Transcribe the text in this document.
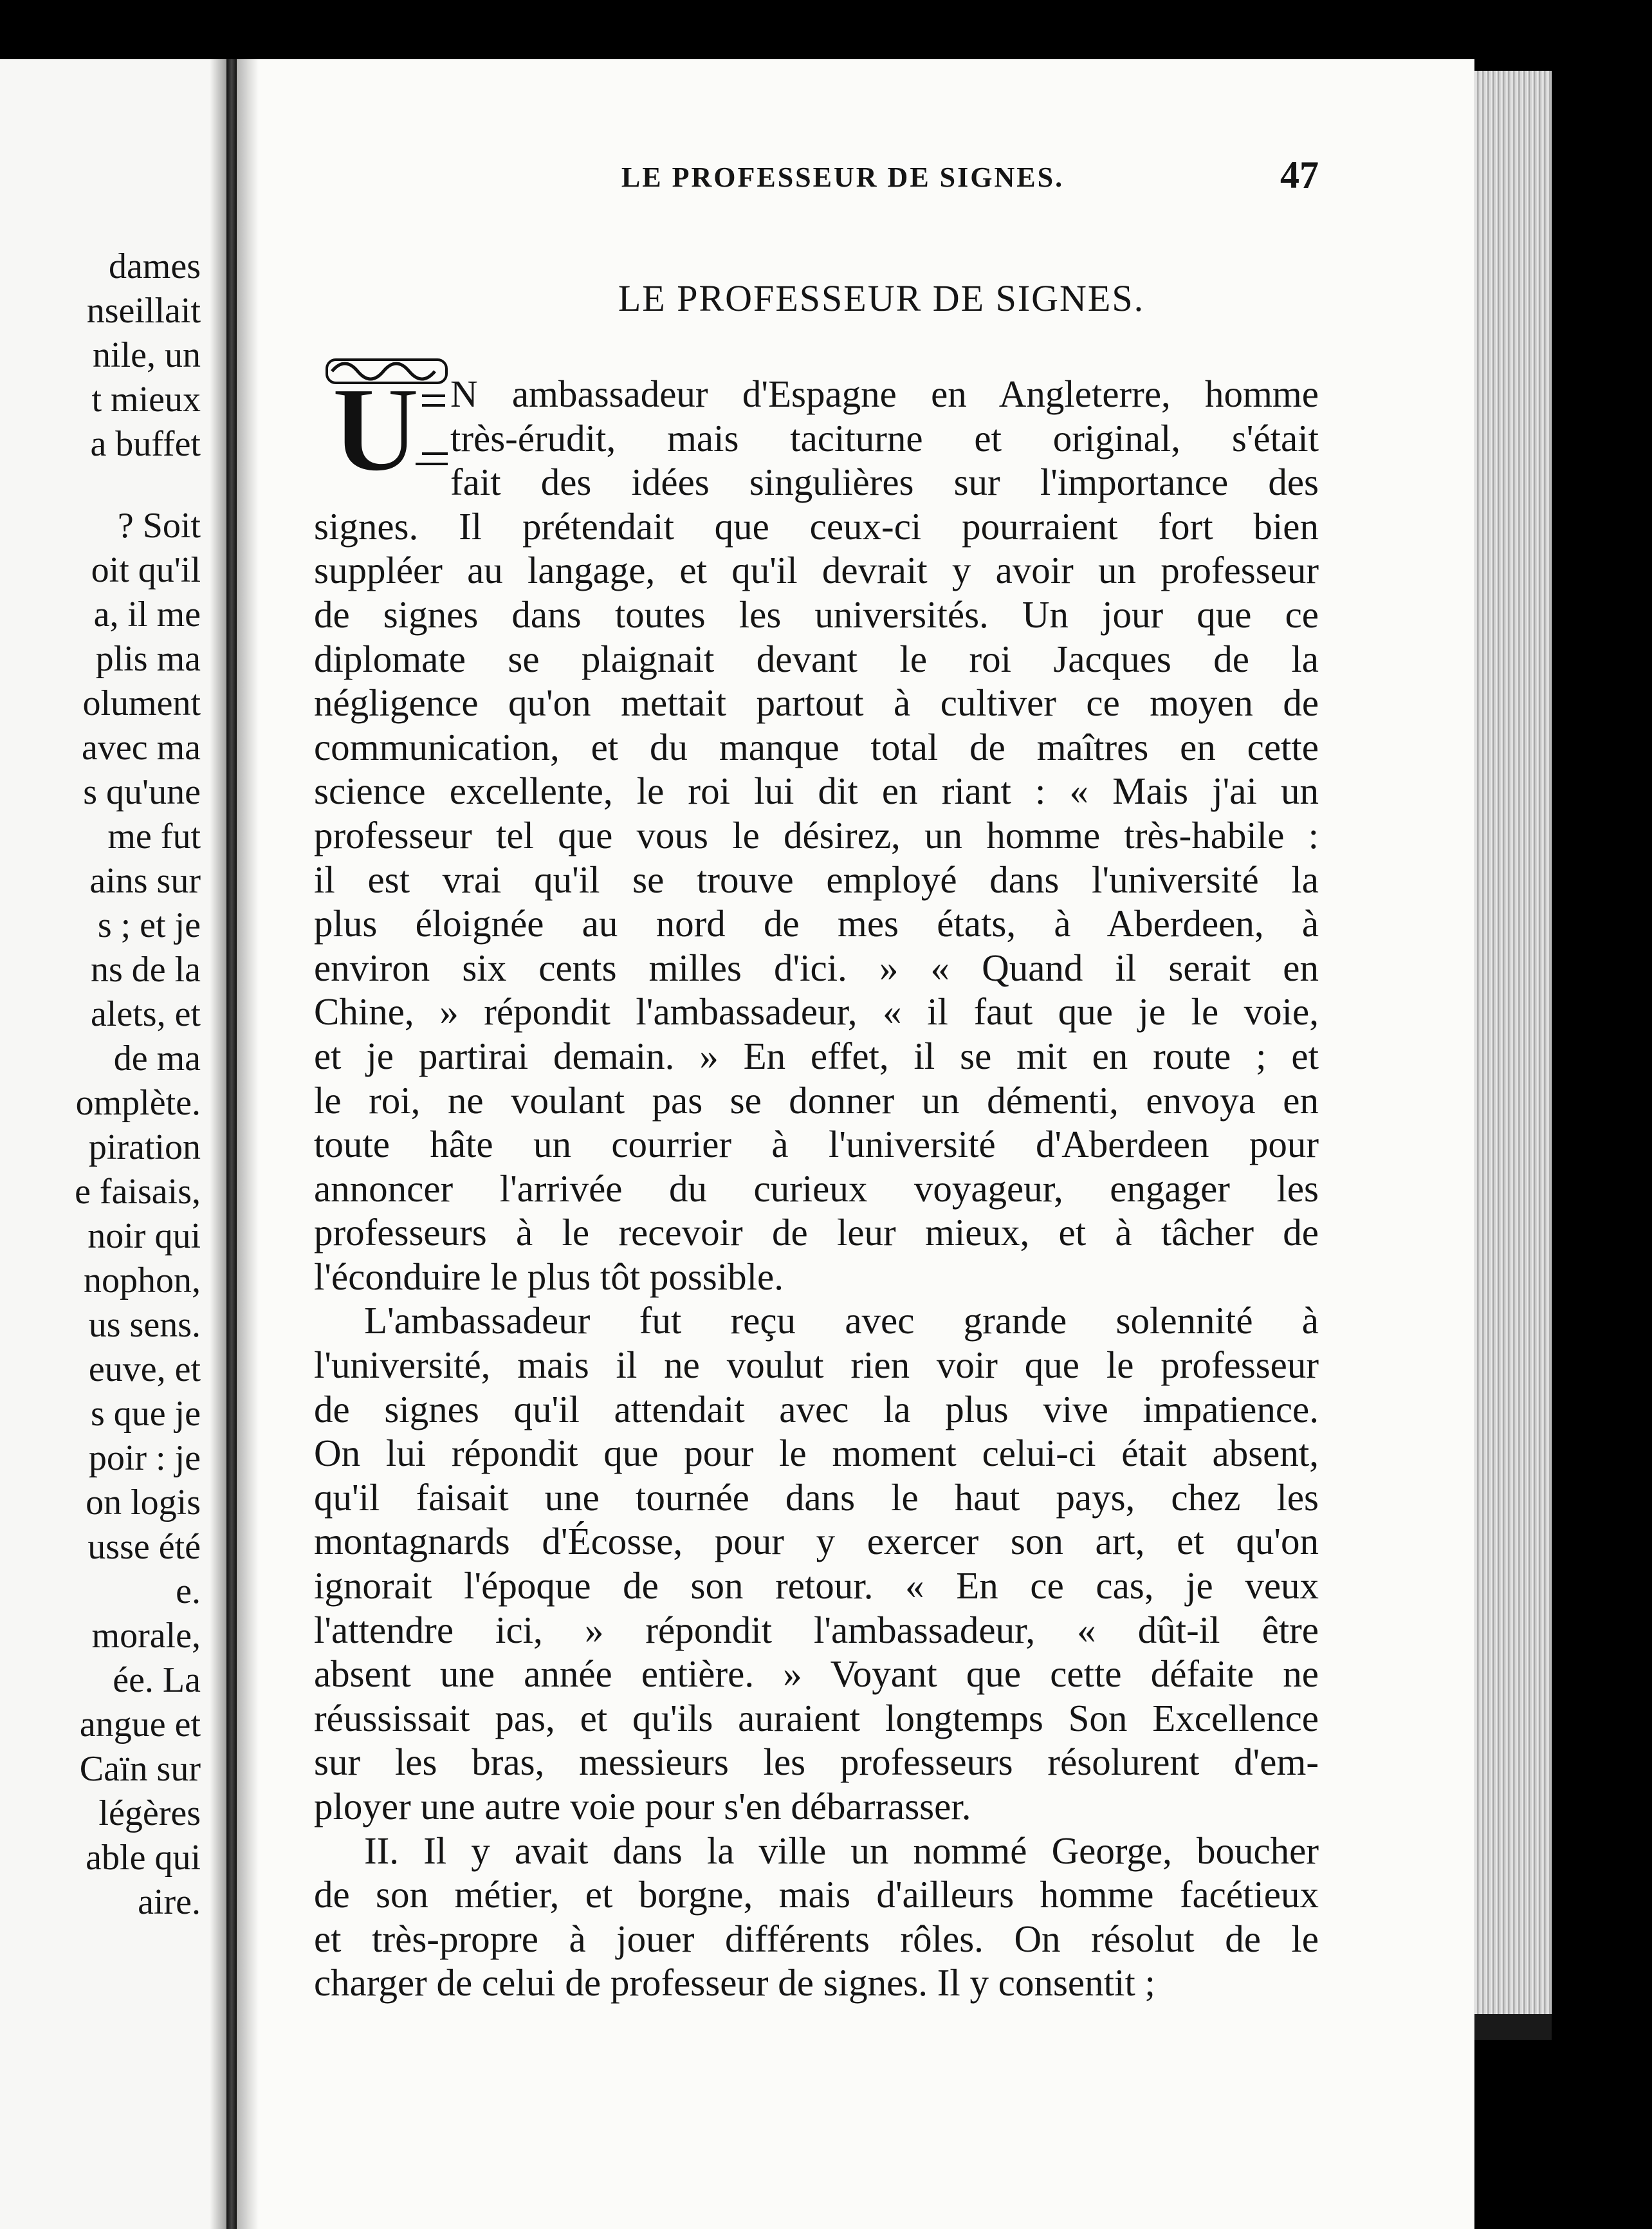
dames
nseillait
nile, un
t mieux
a buffet
? Soit
oit qu'il
a, il me
plis ma
olument
avec ma
s qu'une
me fut
ains sur
s ; et je
ns de la
alets, et
de ma
omplète.
piration
e faisais,
noir qui
nophon,
us sens.
euve, et
s que je
poir : je
on logis
usse été
e.
morale,
ée. La
angue et
Caïn sur
légères
able qui
aire.
LE PROFESSEUR DE SIGNES.	47
LE PROFESSEUR DE SIGNES.
U N ambassadeur d'Espagne en Angleterre, homme
très-érudit, mais taciturne et original, s'était
fait des idées singulières sur l'importance des
signes. Il prétendait que ceux-ci pourraient fort bien
suppléer au langage, et qu'il devrait y avoir un professeur
de signes dans toutes les universités. Un jour que ce
diplomate se plaignait devant le roi Jacques de la
négligence qu'on mettait partout à cultiver ce moyen de
communication, et du manque total de maîtres en cette
science excellente, le roi lui dit en riant : « Mais j'ai un
professeur tel que vous le désirez, un homme très-habile :
il est vrai qu'il se trouve employé dans l'université la
plus éloignée au nord de mes états, à Aberdeen, à
environ six cents milles d'ici. » « Quand il serait en
Chine, » répondit l'ambassadeur, « il faut que je le voie,
et je partirai demain. » En effet, il se mit en route ; et
le roi, ne voulant pas se donner un démenti, envoya en
toute hâte un courrier à l'université d'Aberdeen pour
annoncer l'arrivée du curieux voyageur, engager les
professeurs à le recevoir de leur mieux, et à tâcher de
l'éconduire le plus tôt possible.
L'ambassadeur fut reçu avec grande solennité à
l'université, mais il ne voulut rien voir que le professeur
de signes qu'il attendait avec la plus vive impatience.
On lui répondit que pour le moment celui-ci était absent,
qu'il faisait une tournée dans le haut pays, chez les
montagnards d'Écosse, pour y exercer son art, et qu'on
ignorait l'époque de son retour. « En ce cas, je veux
l'attendre ici, » répondit l'ambassadeur, « dût-il être
absent une année entière. » Voyant que cette défaite ne
réussissait pas, et qu'ils auraient longtemps Son Excellence
sur les bras, messieurs les professeurs résolurent d'em-
ployer une autre voie pour s'en débarrasser.
II. Il y avait dans la ville un nommé George, boucher
de son métier, et borgne, mais d'ailleurs homme facétieux
et très-propre à jouer différents rôles. On résolut de le
charger de celui de professeur de signes. Il y consentit ;
